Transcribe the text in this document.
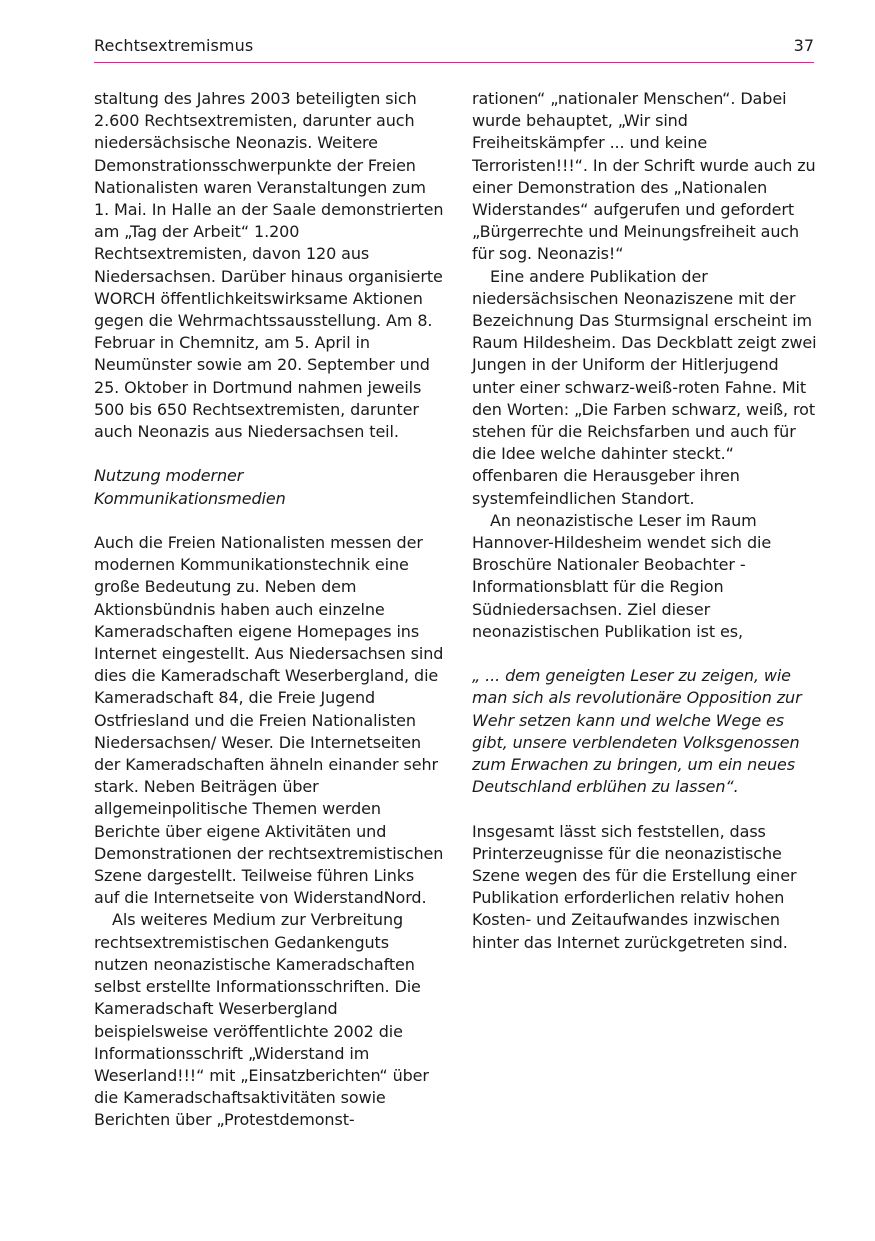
Rechtsextremismus	37

staltung des Jahres 2003 beteiligten sich 2.600 Rechtsextremisten, darunter auch niedersächsische Neonazis. Weitere Demonstrationsschwerpunkte der Freien Nationalisten waren Veranstaltungen zum 1. Mai. In Halle an der Saale demonstrierten am „Tag der Arbeit“ 1.200 Rechtsextremisten, davon 120 aus Niedersachsen. Darüber hinaus organisierte WORCH öffentlichkeitswirksame Aktionen gegen die Wehrmachtssausstellung. Am 8. Februar in Chemnitz, am 5. April in Neumünster sowie am 20. September und 25. Oktober in Dortmund nahmen jeweils 500 bis 650 Rechtsextremisten, darunter auch Neonazis aus Niedersachsen teil.

Nutzung moderner

Kommunikationsmedien

Auch die Freien Nationalisten messen der modernen Kommunikationstechnik eine große Bedeutung zu. Neben dem Aktionsbündnis haben auch einzelne Kameradschaften eigene Homepages ins Internet eingestellt. Aus Niedersachsen sind dies die Kameradschaft Weserbergland, die Kameradschaft 84, die Freie Jugend Ostfriesland und die Freien Nationalisten Niedersachsen/ Weser. Die Internetseiten der Kameradschaften ähneln einander sehr stark. Neben Beiträgen über allgemeinpolitische Themen werden Berichte über eigene Aktivitäten und Demonstrationen der rechtsextremistischen Szene dargestellt. Teilweise führen Links auf die Internetseite von WiderstandNord.

Als weiteres Medium zur Verbreitung rechtsextremistischen Gedankenguts nutzen neonazistische Kameradschaften selbst erstellte Informationsschriften. Die Kameradschaft Weserbergland beispielsweise veröffentlichte 2002 die Informationsschrift „Widerstand im Weserland!!!“ mit „Einsatzberichten“ über die Kameradschaftsaktivitäten sowie Berichten über „Protestdemonst-

rationen“ „nationaler Menschen“. Dabei wurde behauptet, „Wir sind Freiheitskämpfer ... und keine Terroristen!!!“. In der Schrift wurde auch zu einer Demonstration des „Nationalen Widerstandes“ aufgerufen und gefordert „Bürgerrechte und Meinungsfreiheit auch für sog. Neonazis!“

Eine andere Publikation der niedersächsischen Neonaziszene mit der Bezeichnung Das Sturmsignal erscheint im Raum Hildesheim. Das Deckblatt zeigt zwei Jungen in der Uniform der Hitlerjugend unter einer schwarz-weiß-roten Fahne. Mit den Worten: „Die Farben schwarz, weiß, rot stehen für die Reichsfarben und auch für die Idee welche dahinter steckt.“ offenbaren die Herausgeber ihren systemfeindlichen Standort.

An neonazistische Leser im Raum Hannover-Hildesheim wendet sich die Broschüre Nationaler Beobachter - Informationsblatt für die Region Südniedersachsen. Ziel dieser neonazistischen Publikation ist es,

„ ... dem geneigten Leser zu zeigen, wie man sich als revolutionäre Opposition zur Wehr setzen kann und welche Wege es gibt, unsere verblendeten Volksgenossen zum Erwachen zu bringen, um ein neues Deutschland erblühen zu lassen“.

Insgesamt lässt sich feststellen, dass Printerzeugnisse für die neonazistische Szene wegen des für die Erstellung einer Publikation erforderlichen relativ hohen Kosten- und Zeitaufwandes inzwischen hinter das Internet zurückgetreten sind.
